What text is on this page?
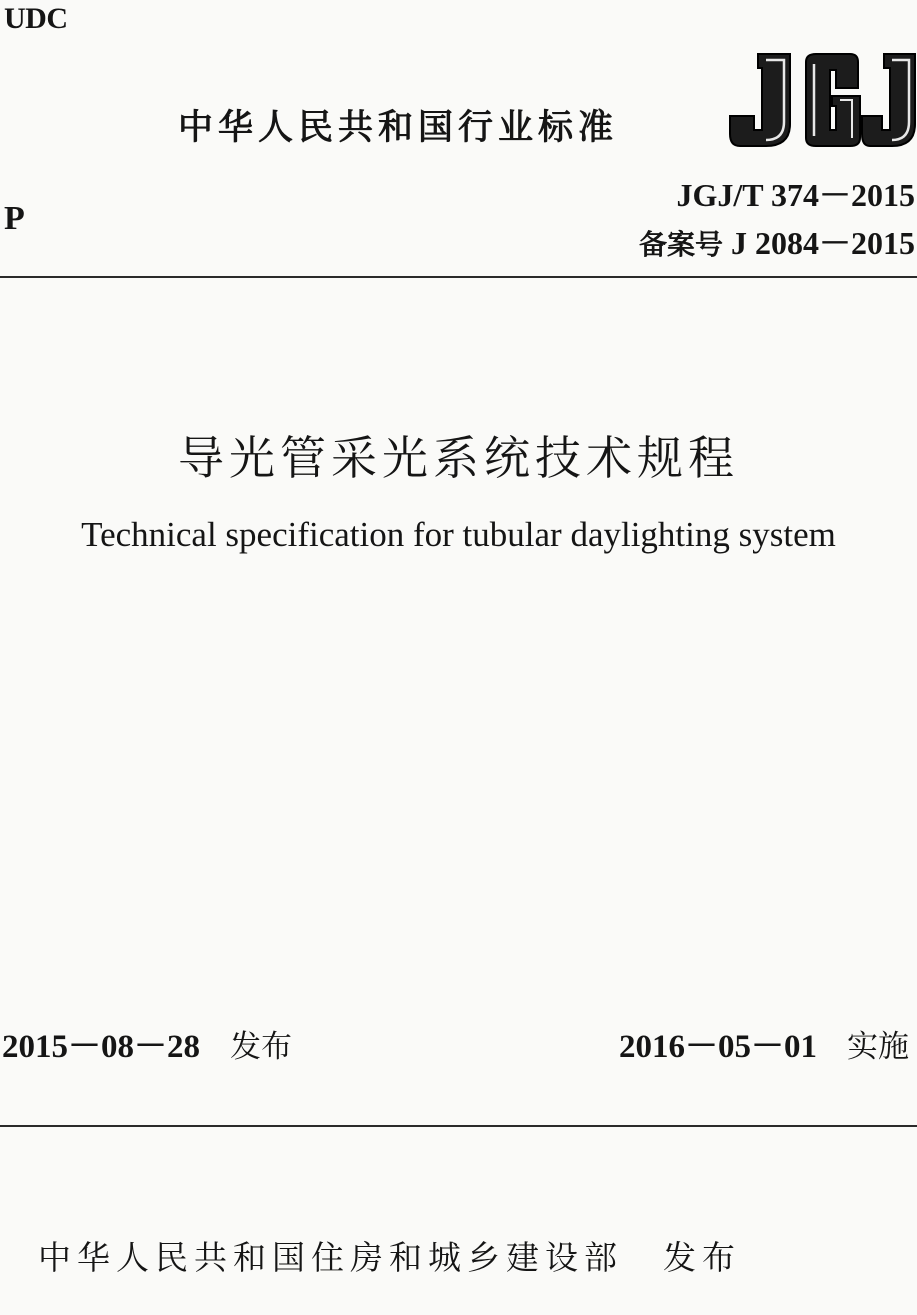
UDC
中华人民共和国行业标准
JGJ/T 374－2015
备案号 J 2084－2015
P
导光管采光系统技术规程
Technical specification for tubular daylighting system
2015－08－28 发布	2016－05－01 实施
中华人民共和国住房和城乡建设部 发布
